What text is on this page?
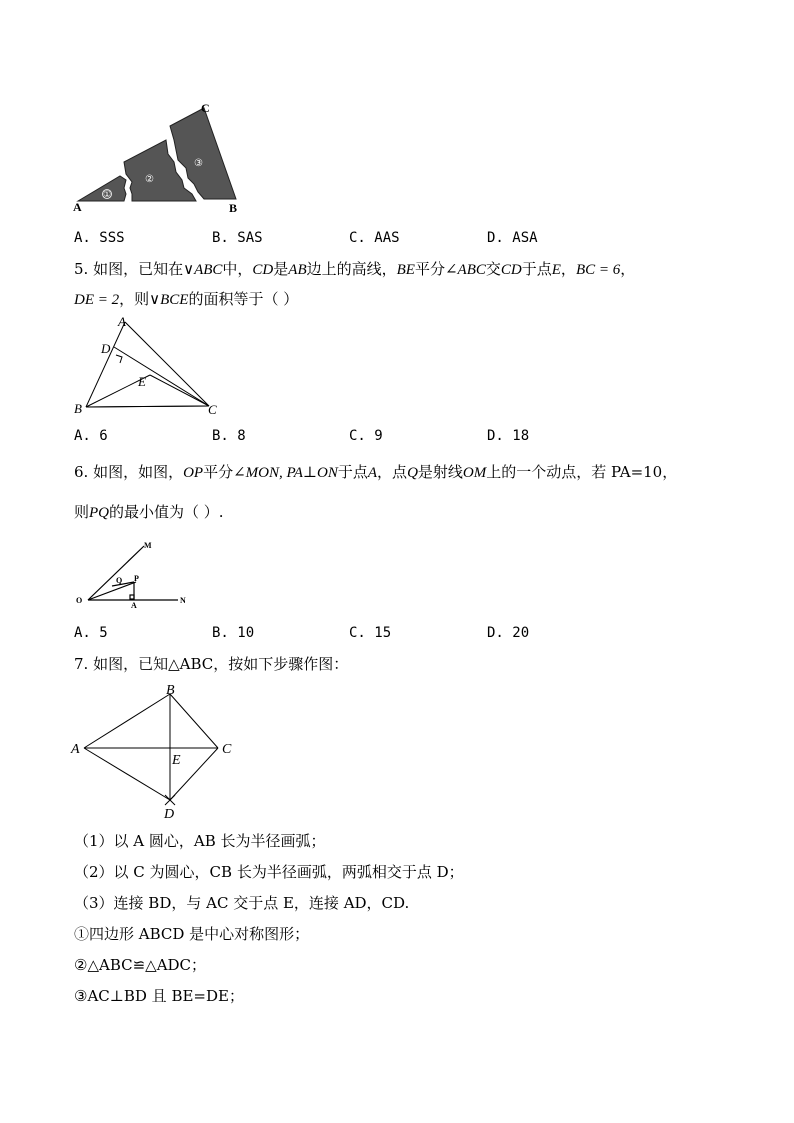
①
②
③
A	B
C
A. SSS	B. SAS	C. AAS	D. ASA
5. 如图，已知在∨ABC中，CD是AB边上的高线，BE平分∠ABC交CD于点E，BC = 6，
DE = 2，则∨BCE的面积等于（ ）
A
D
E
B	C
A. 6	B. 8	C. 9	D. 18
6. 如图，如图，OP平分∠MON, PA⊥ON于点A，点Q是射线OM上的一个动点，若 PA=10，
则PQ的最小值为（ ）.
M
P
Q
O
A
N
A. 5	B. 10	C. 15	D. 20
7. 如图，已知△ABC，按如下步骤作图：
B
A	C
E
D
（1）以 A 圆心，AB 长为半径画弧；
（2）以 C 为圆心，CB 长为半径画弧，两弧相交于点 D；
（3）连接 BD，与 AC 交于点 E，连接 AD，CD.
①四边形 ABCD 是中心对称图形；
②△ABC≌△ADC；
③AC⊥BD 且 BE=DE；
